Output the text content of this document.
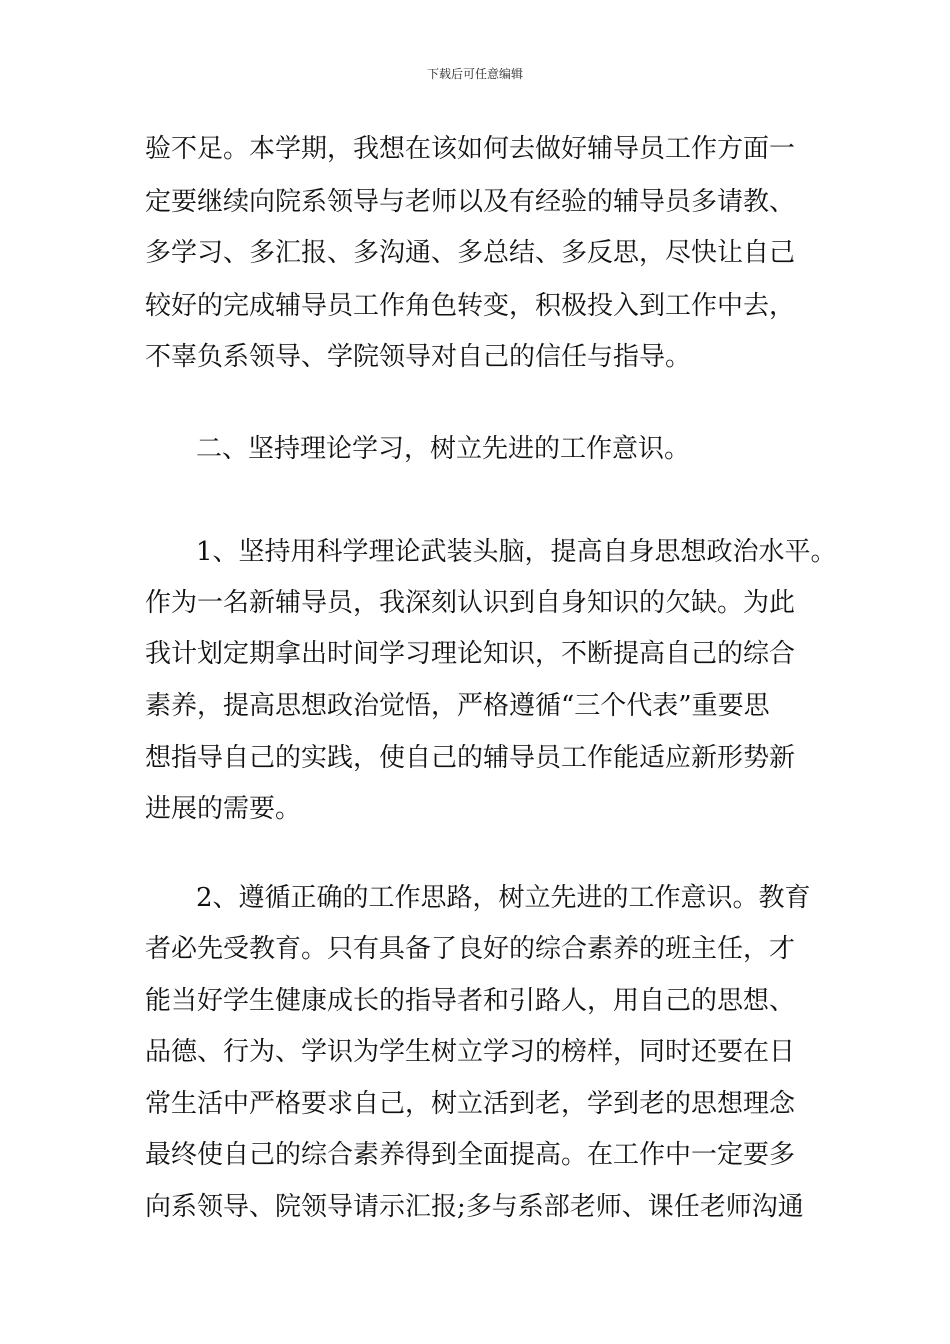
下载后可任意编辑
验不足。本学期，我想在该如何去做好辅导员工作方面一
定要继续向院系领导与老师以及有经验的辅导员多请教、
多学习、多汇报、多沟通、多总结、多反思，尽快让自己
较好的完成辅导员工作角色转变，积极投入到工作中去，
不辜负系领导、学院领导对自己的信任与指导。
二、坚持理论学习，树立先进的工作意识。
1、坚持用科学理论武装头脑，提高自身思想政治水平。
作为一名新辅导员，我深刻认识到自身知识的欠缺。为此
我计划定期拿出时间学习理论知识，不断提高自己的综合
素养，提高思想政治觉悟，严格遵循“三个代表”重要思
想指导自己的实践，使自己的辅导员工作能适应新形势新
进展的需要。
2、遵循正确的工作思路，树立先进的工作意识。教育
者必先受教育。只有具备了良好的综合素养的班主任，才
能当好学生健康成长的指导者和引路人，用自己的思想、
品德、行为、学识为学生树立学习的榜样，同时还要在日
常生活中严格要求自己，树立活到老，学到老的思想理念
最终使自己的综合素养得到全面提高。在工作中一定要多
向系领导、院领导请示汇报;多与系部老师、课任老师沟通
